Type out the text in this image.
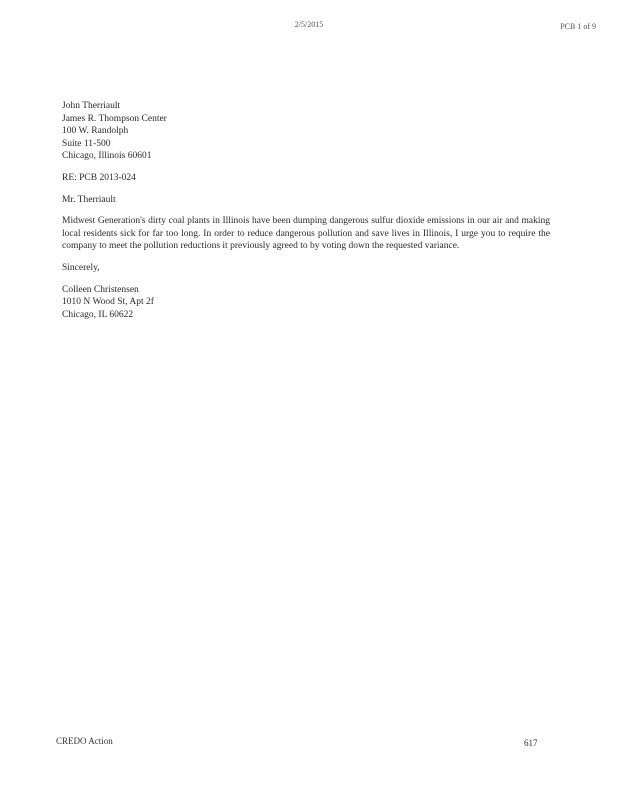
2/5/2015	PCB 1 of 9
John Therriault
James R. Thompson Center
100 W. Randolph
Suite 11-500
Chicago, Illinois 60601
RE: PCB 2013-024
Mr. Therriault

Midwest Generation's dirty coal plants in Illinois have been dumping dangerous sulfur dioxide emissions in our air and making local residents sick for far too long. In order to reduce dangerous pollution and save lives in Illinois, I urge you to require the company to meet the pollution reductions it previously agreed to by voting down the requested variance.

Sincerely,
Colleen Christensen
1010 N Wood St, Apt 2f
Chicago, IL 60622
CREDO Action	617
